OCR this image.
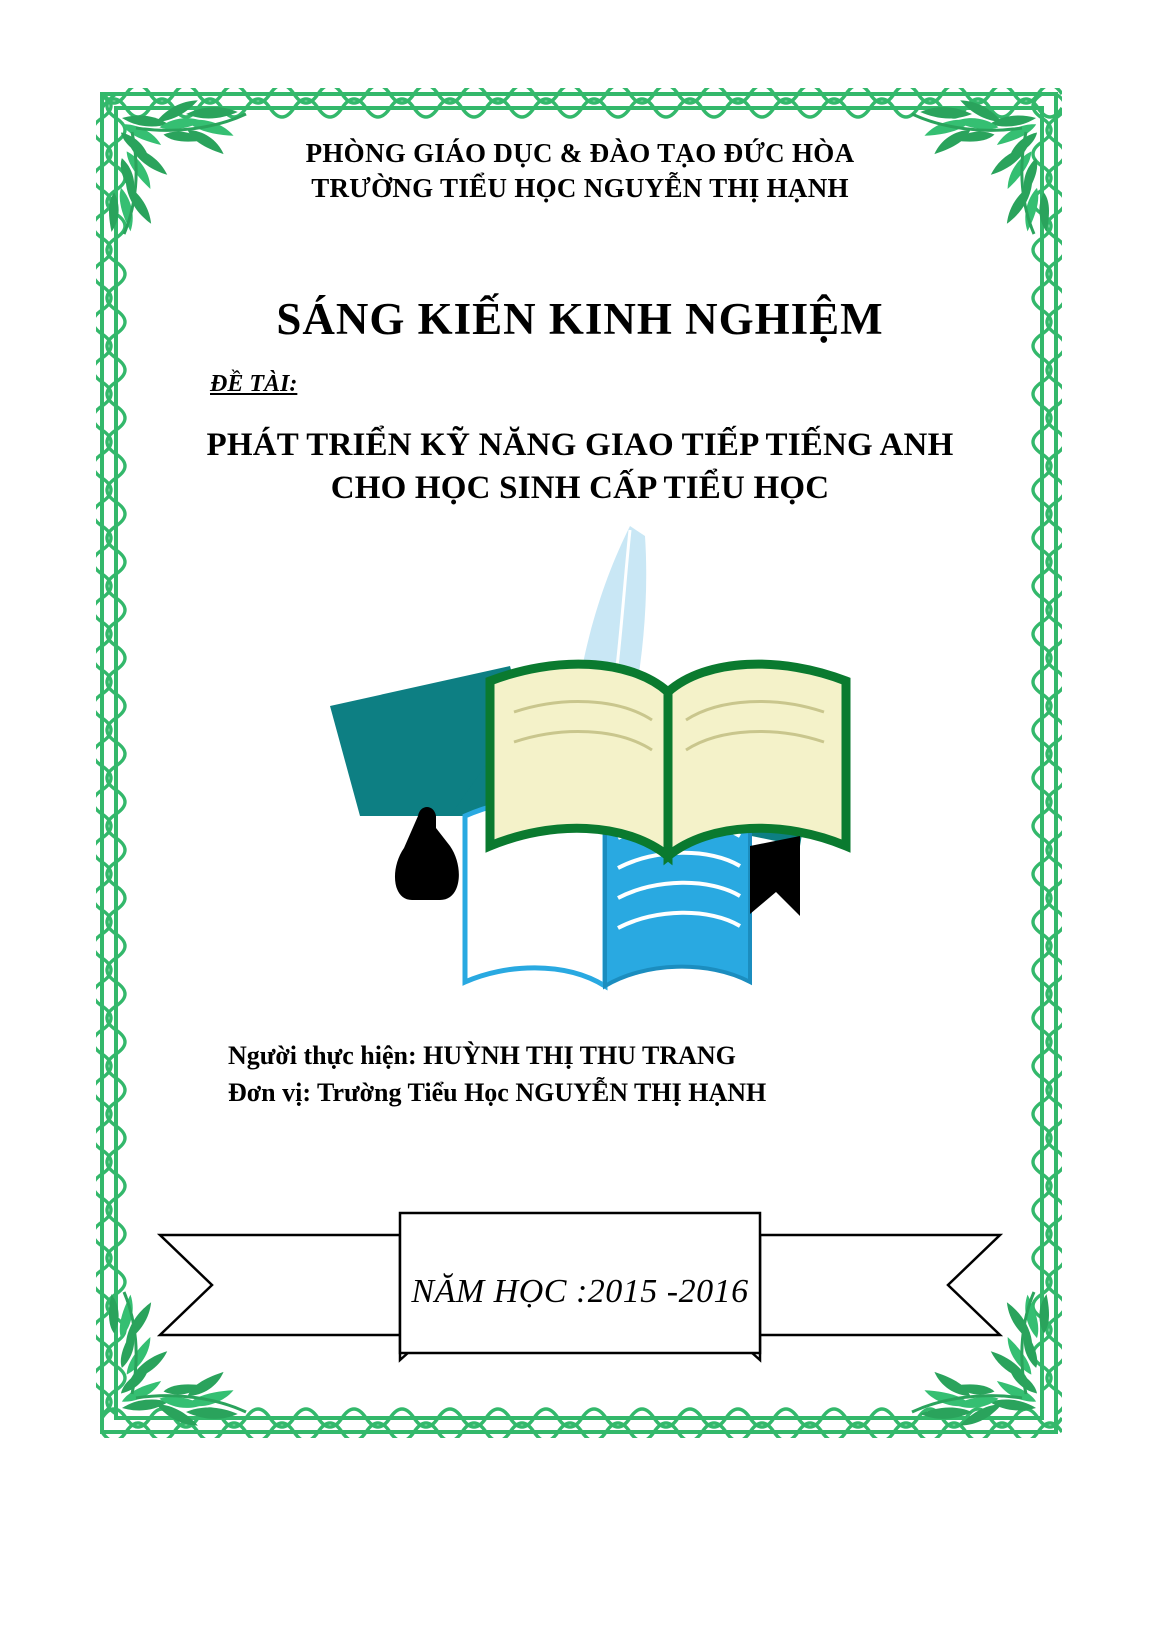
PHÒNG GIÁO DỤC & ĐÀO TẠO ĐỨC HÒA
TRƯỜNG TIỂU HỌC NGUYỄN THỊ HẠNH
SÁNG KIẾN KINH NGHIỆM
ĐỀ TÀI:
PHÁT TRIỂN KỸ NĂNG GIAO TIẾP TIẾNG ANH
CHO HỌC SINH CẤP TIỂU HỌC
Người thực hiện: HUỲNH THỊ THU TRANG
Đơn vị: Trường Tiểu Học NGUYỄN THỊ HẠNH
NĂM HỌC :2015 -2016
